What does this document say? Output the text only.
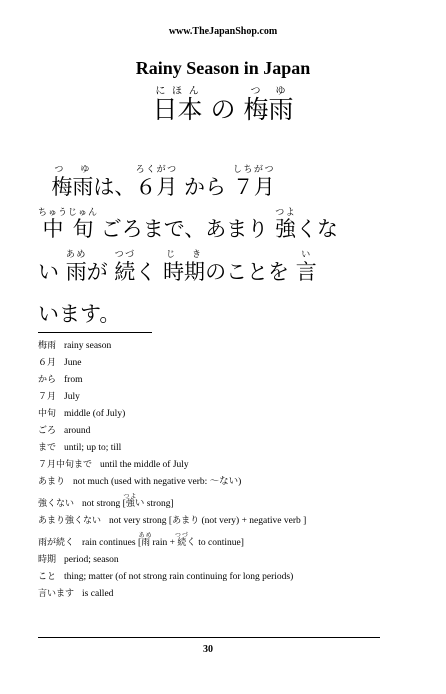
www.TheJapanShop.com
Rainy Season in Japan
日本にほん の 梅雨つゆ
梅雨つ ゆは、６月ろくがつ から ７月しちがつ
中旬ちゅうじゅん ごろまで、あまり 強つよくな
い 雨あめが 続つづく 時期じ きのことを 言い
います。
梅雨 rainy season
６月 June
から from
７月 July
中旬 middle (of July)
ごろ around
まで until; up to; till
７月中旬まで until the middle of July
あまり not much (used with negative verb: ～ない)
強くない not strong [強つよい strong]
あまり強くない not very strong [あまり (not very) + negative verb ]
雨が続く rain continues [雨あめ rain + 続つづく to continue]
時期 period; season
こと thing; matter (of not strong rain continuing for long periods)
言います is called
30
